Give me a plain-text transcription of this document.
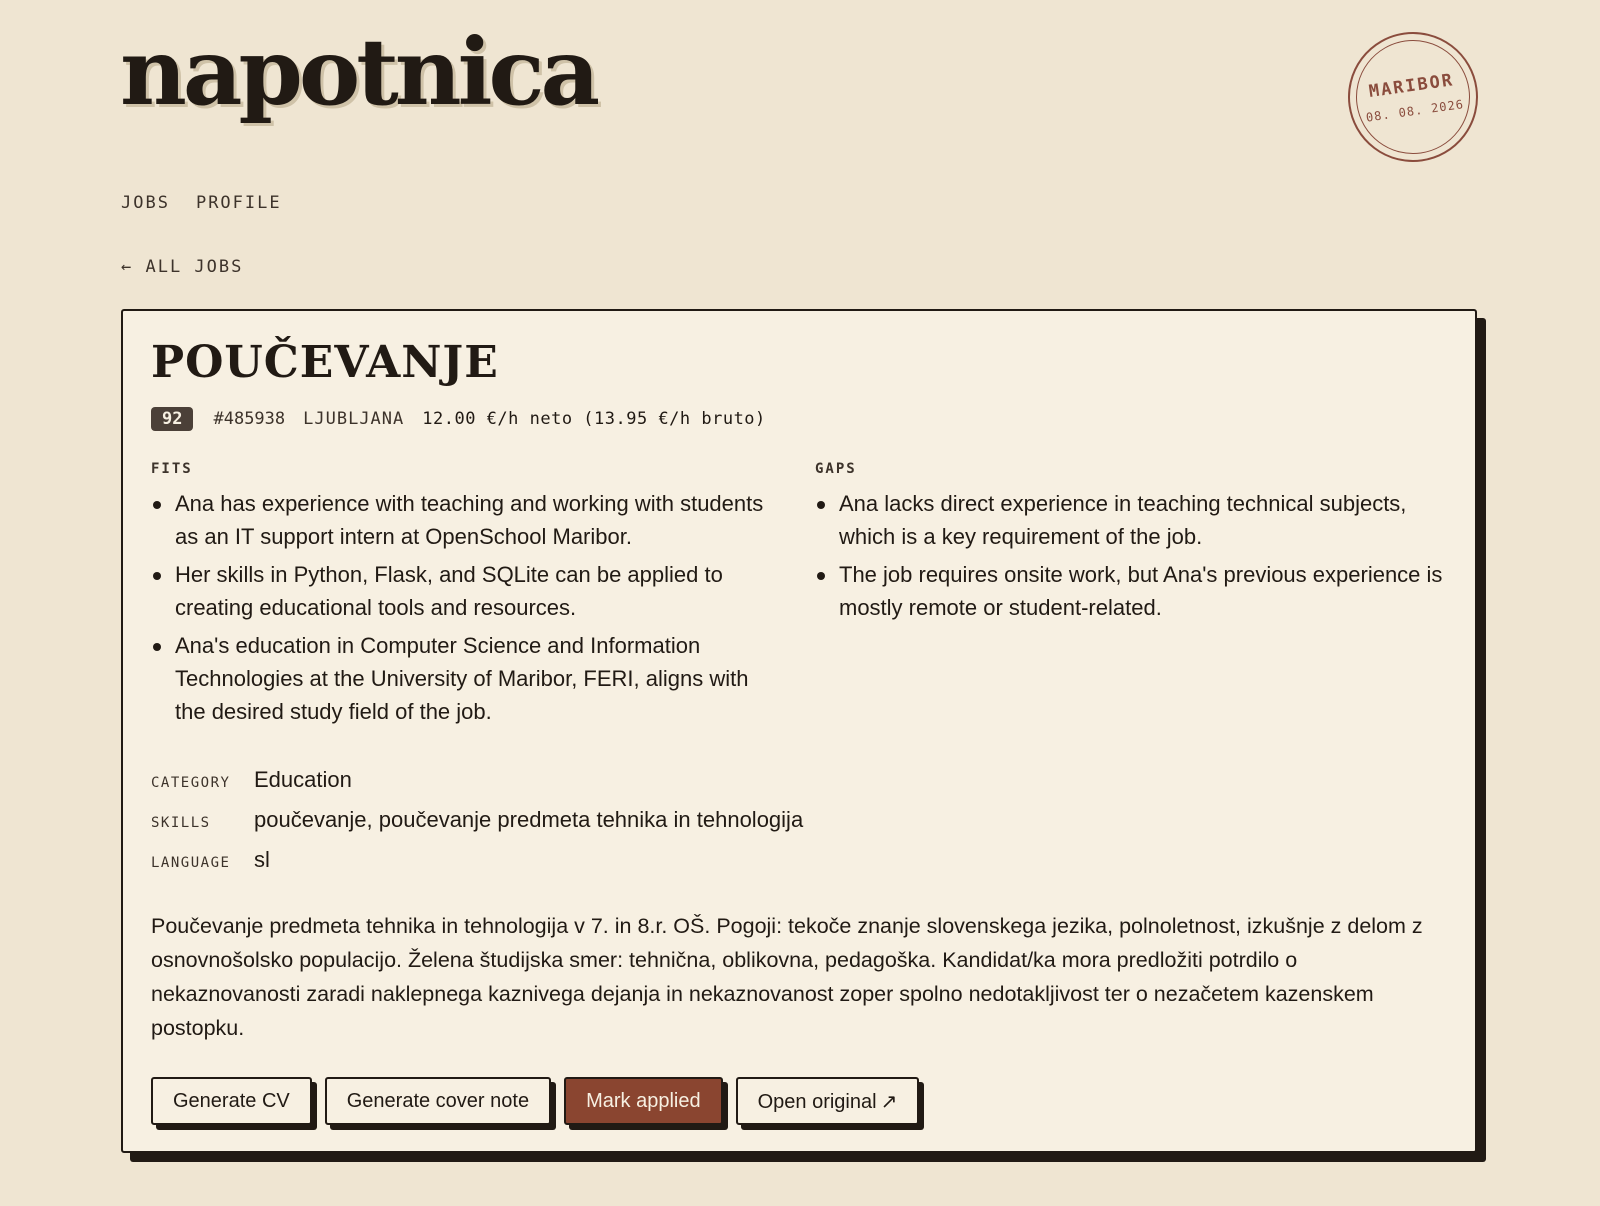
napotnica	MARIBOR
08. 08. 2026
JOBS PROFILE
← ALL JOBS
POUČEVANJE
92	#485938 LJUBLJANA 12.00 €/h neto (13.95 €/h bruto)
FITS
Ana has experience with teaching and working with students as an IT support intern at OpenSchool Maribor.
Her skills in Python, Flask, and SQLite can be applied to creating educational tools and resources.
Ana's education in Computer Science and Information Technologies at the University of Maribor, FERI, aligns with the desired study field of the job.
GAPS
Ana lacks direct experience in teaching technical subjects, which is a key requirement of the job.
The job requires onsite work, but Ana's previous experience is mostly remote or student-related.
CATEGORY	Education
SKILLS	poučevanje, poučevanje predmeta tehnika in tehnologija
LANGUAGE	sl

Poučevanje predmeta tehnika in tehnologija v 7. in 8.r. OŠ. Pogoji: tekoče znanje slovenskega jezika, polnoletnost, izkušnje z delom z osnovnošolsko populacijo. Želena študijska smer: tehnična, oblikovna, pedagoška. Kandidat/ka mora predložiti potrdilo o nekaznovanosti zaradi naklepnega kaznivega dejanja in nekaznovanost zoper spolno nedotakljivost ter o nezačetem kazenskem postopku.

Generate CV	Generate cover note	Mark applied	Open original ↗
